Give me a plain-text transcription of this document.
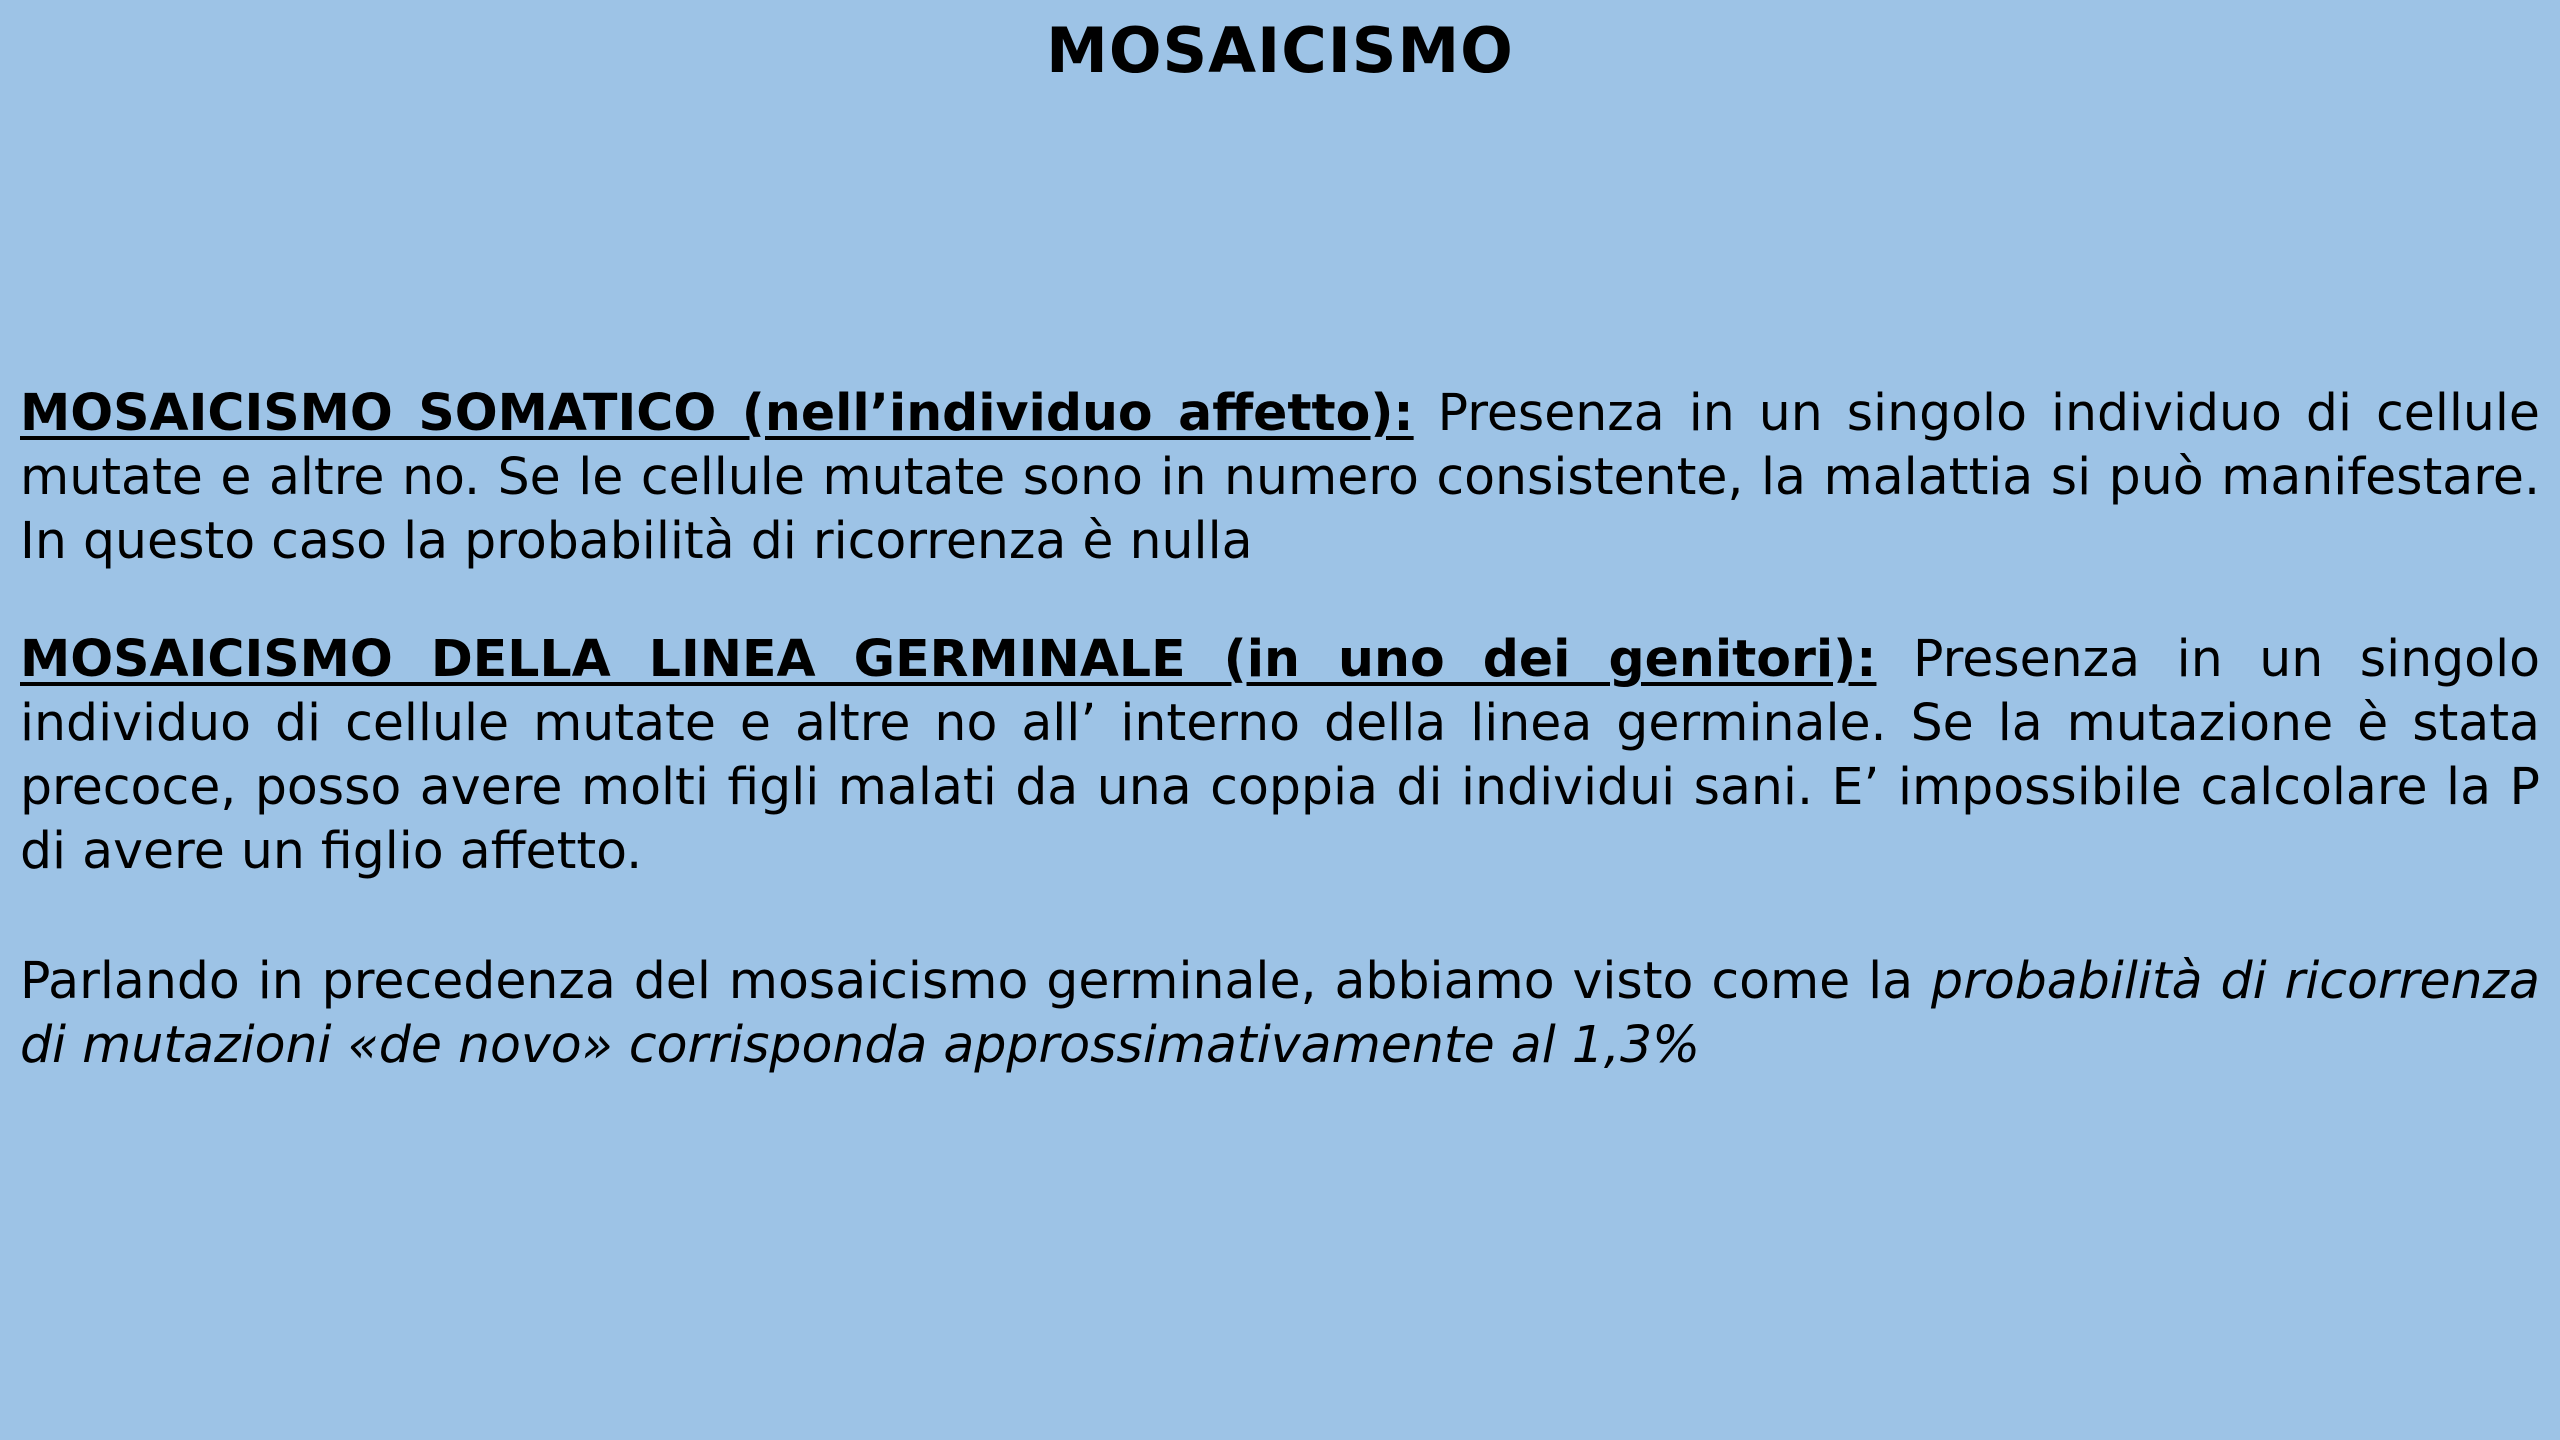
MOSAICISMO

MOSAICISMO SOMATICO (nell’individuo affetto): Presenza in un singolo individuo di cellule mutate e altre no. Se le cellule mutate sono in numero consistente, la malattia si può manifestare. In questo caso la probabilità di ricorrenza è nulla

MOSAICISMO DELLA LINEA GERMINALE (in uno dei genitori): Presenza in un singolo individuo di cellule mutate e altre no all’ interno della linea germinale. Se la mutazione è stata precoce, posso avere molti figli malati da una coppia di individui sani. E’ impossibile calcolare la P di avere un figlio affetto.

Parlando in precedenza del mosaicismo germinale, abbiamo visto come la probabilità di ricorrenza di mutazioni «de novo» corrisponda approssimativamente al 1,3%
